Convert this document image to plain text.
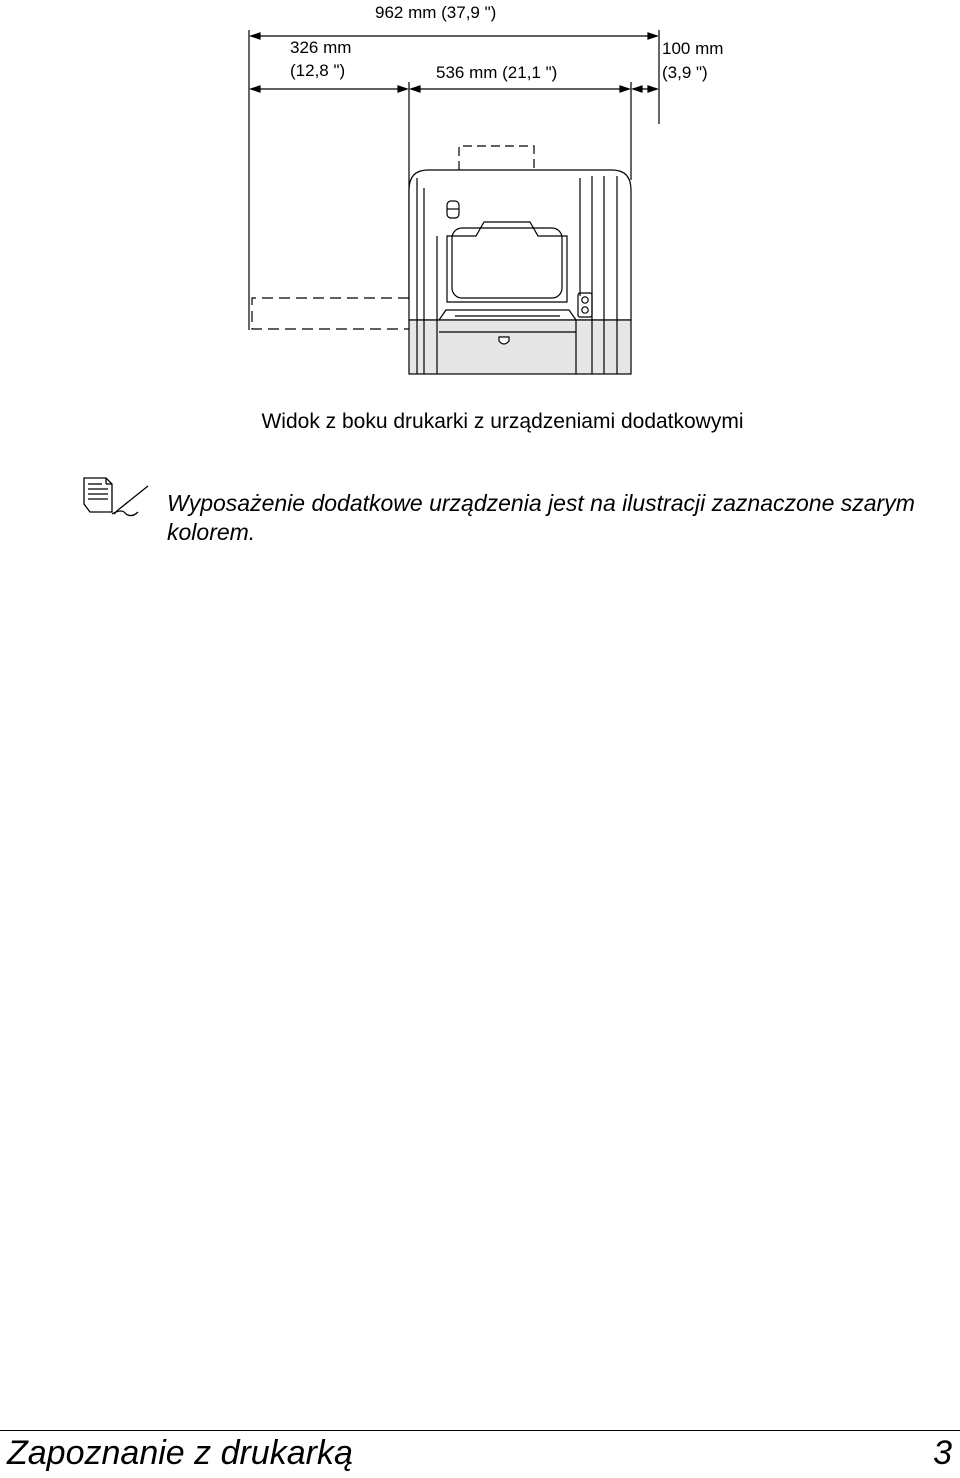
962 mm (37,9 ")
326 mm
(12,8 ")	536 mm (21,1 ")
100 mm
(3,9 ")
Widok z boku drukarki z urządzeniami dodatkowymi
Wyposażenie dodatkowe urządzenia jest na ilustracji zaznaczone szarym kolorem.
Zapoznanie z drukarką	3
